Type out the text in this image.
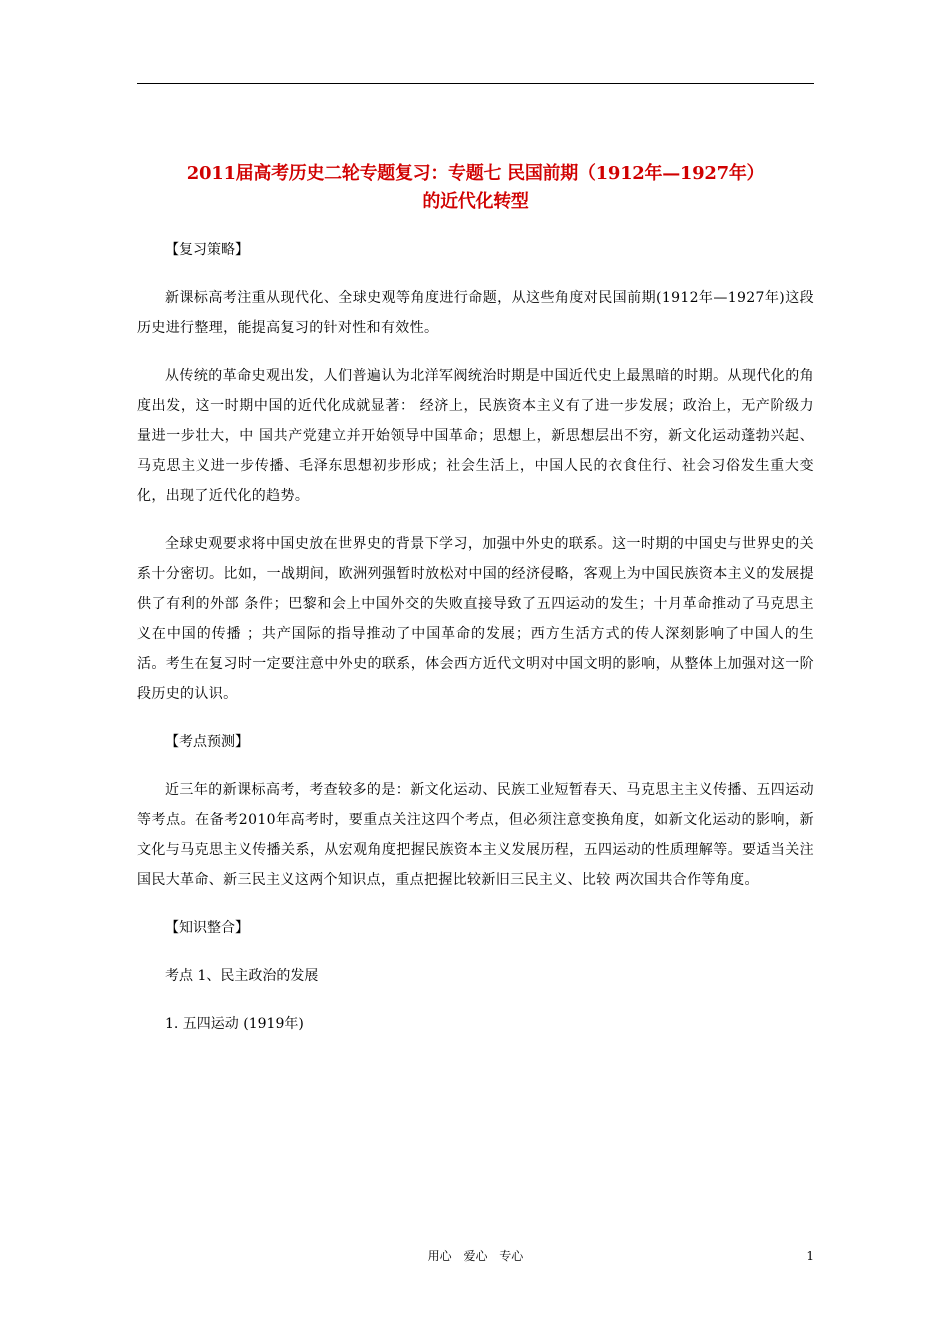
2011届高考历史二轮专题复习：专题七 民国前期（1912年—1927年）
的近代化转型

【复习策略】

新课标高考注重从现代化、全球史观等角度进行命题，从这些角度对民国前期(1912年—1927年)这段历史进行整理，能提高复习的针对性和有效性。

从传统的革命史观出发，人们普遍认为北洋军阀统治时期是中国近代史上最黑暗的时期。从现代化的角度出发，这一时期中国的近代化成就显著： 经济上，民族资本主义有了进一步发展；政治上，无产阶级力量进一步壮大，中 国共产党建立并开始领导中国革命；思想上，新思想层出不穷，新文化运动蓬勃兴起、马克思主义进一步传播、毛泽东思想初步形成；社会生活上，中国人民的衣食住行、社会习俗发生重大变化，出现了近代化的趋势。

全球史观要求将中国史放在世界史的背景下学习，加强中外史的联系。这一时期的中国史与世界史的关系十分密切。比如，一战期间，欧洲列强暂时放松对中国的经济侵略，客观上为中国民族资本主义的发展提供了有利的外部 条件；巴黎和会上中国外交的失败直接导致了五四运动的发生；十月革命推动了马克思主义在中国的传播 ；共产国际的指导推动了中国革命的发展；西方生活方式的传人深刻影响了中国人的生活。考生在复习时一定要注意中外史的联系，体会西方近代文明对中国文明的影响，从整体上加强对这一阶段历史的认识。

【考点预测】

近三年的新课标高考，考查较多的是：新文化运动、民族工业短暂春天、马克思主主义传播、五四运动等考点。在备考2010年高考时，要重点关注这四个考点，但必须注意变换角度，如新文化运动的影响，新文化与马克思主义传播关系，从宏观角度把握民族资本主义发展历程，五四运动的性质理解等。要适当关注国民大革命、新三民主义这两个知识点，重点把握比较新旧三民主义、比较 两次国共合作等角度。

【知识整合】

考点 1、民主政治的发展

1. 五四运动 (1919年)

用心 爱心 专心	1
